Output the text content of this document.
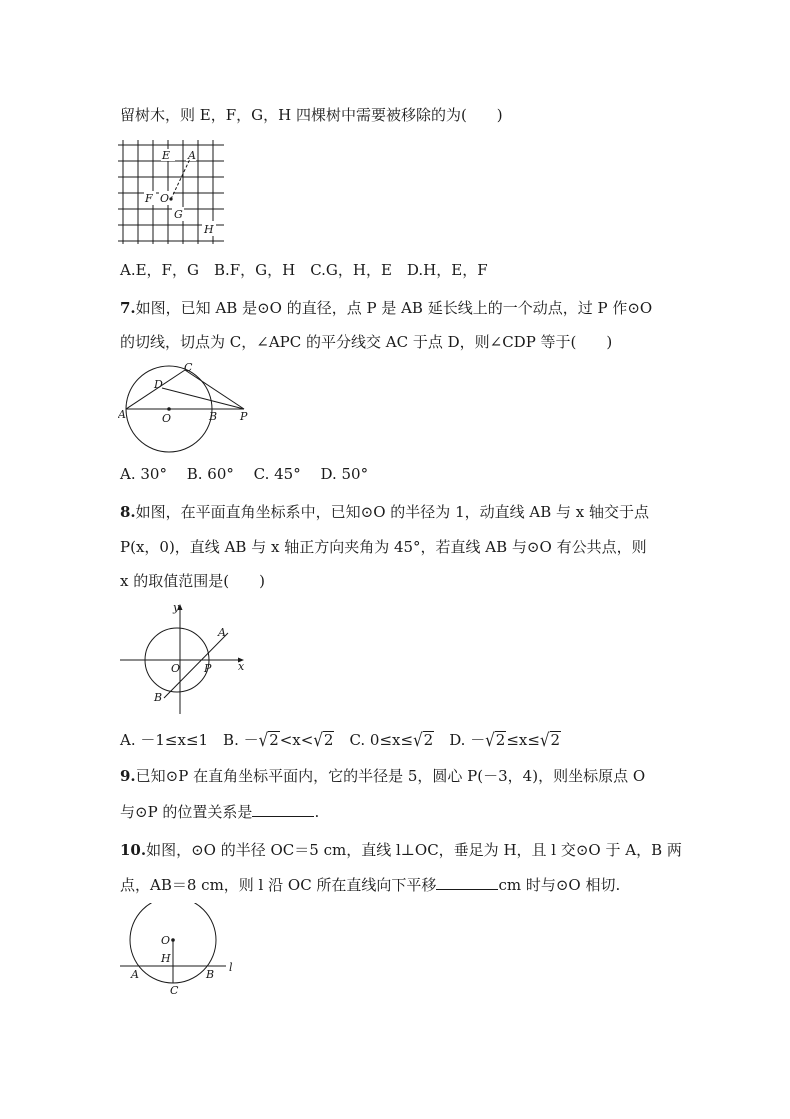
留树木，则 E，F，G，H 四棵树中需要被移除的为(　　)
E A
F O
G
H
A.E，F，G　B.F，G，H　C.G，H，E　D.H，E，F
7.如图，已知 AB 是⊙O 的直径，点 P 是 AB 延长线上的一个动点，过 P 作⊙O
的切线，切点为 C，∠APC 的平分线交 AC 于点 D，则∠CDP 等于(　　)
A	B
C
D
O	P
A. 30°　 B. 60°　 C. 45°　 D. 50°
8.如图，在平面直角坐标系中，已知⊙O 的半径为 1，动直线 AB 与 x 轴交于点
P(x，0)，直线 AB 与 x 轴正方向夹角为 45°，若直线 AB 与⊙O 有公共点，则
x 的取值范围是(　　)
y
x
A
B
O P
A. －1≤x≤1　B. －√2<x<√2　C. 0≤x≤√2　D. －√2≤x≤√2
9.已知⊙P 在直角坐标平面内，它的半径是 5，圆心 P(－3，4)，则坐标原点 O
与⊙P 的位置关系是	.
10.如图，⊙O 的半径 OC＝5 cm，直线 l⊥OC，垂足为 H，且 l 交⊙O 于 A，B 两
点，AB＝8 cm，则 l 沿 OC 所在直线向下平移	cm 时与⊙O 相切.
O
H
A	B
C
l
